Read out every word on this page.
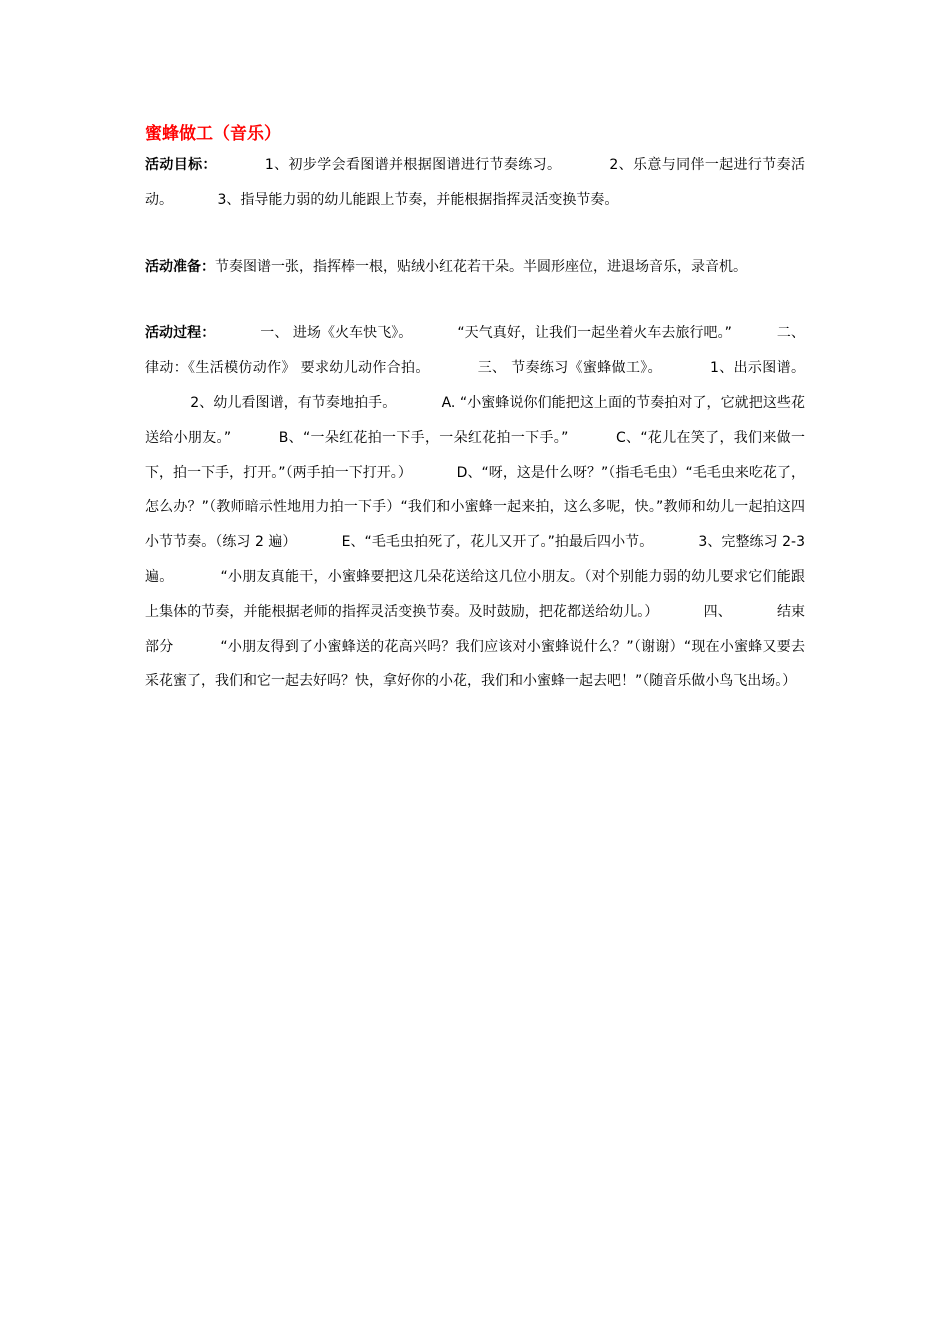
蜜蜂做工（音乐）

活动目标：	1、初步学会看图谱并根据图谱进行节奏练习。	2、乐意与同伴一起进行节奏活动。	3、指导能力弱的幼儿能跟上节奏，并能根据指挥灵活变换节奏。

活动准备：节奏图谱一张，指挥棒一根，贴绒小红花若干朵。半圆形座位，进退场音乐，录音机。

活动过程：	一、 进场《火车快飞》。	“天气真好，让我们一起坐着火车去旅行吧。”	二、律动：《生活模仿动作》 要求幼儿动作合拍。	三、 节奏练习《蜜蜂做工》。	1、出示图谱。          2、幼儿看图谱，有节奏地拍手。	A. “小蜜蜂说你们能把这上面的节奏拍对了，它就把这些花送给小朋友。”	B、“一朵红花拍一下手，一朵红花拍一下手。”	C、“花儿在笑了，我们来做一下，拍一下手，打开。”（两手拍一下打开。）	D、“呀，这是什么呀？”（指毛毛虫）“毛毛虫来吃花了，怎么办？”（教师暗示性地用力拍一下手）“我们和小蜜蜂一起来拍，这么多呢，快。”教师和幼儿一起拍这四小节节奏。（练习 2 遍）	E、“毛毛虫拍死了，花儿又开了。”拍最后四小节。	3、完整练习 2-3 遍。	“小朋友真能干，小蜜蜂要把这几朵花送给这几位小朋友。（对个别能力弱的幼儿要求它们能跟上集体的节奏，并能根据老师的指挥灵活变换节奏。及时鼓励，把花都送给幼儿。）	四、	结束部分	“小朋友得到了小蜜蜂送的花高兴吗？我们应该对小蜜蜂说什么？”（谢谢）“现在小蜜蜂又要去采花蜜了，我们和它一起去好吗？快，拿好你的小花，我们和小蜜蜂一起去吧！”（随音乐做小鸟飞出场。）
